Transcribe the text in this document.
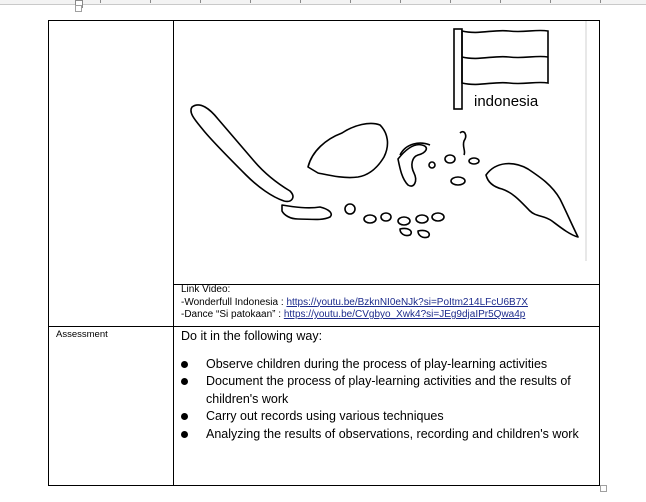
Assessment
indonesia
Link Video:
-Wonderfull Indonesia : https://youtu.be/BzknNI0eNJk?si=PoItm214LFcU6B7X
-Dance “Si patokaan” : https://youtu.be/CVgbyo_Xwk4?si=JEg9djaIPr5Qwa4p
Do it in the following way:
Observe children during the process of play-learning activities
Document the process of play-learning activities and the results of children's work
Carry out records using various techniques
Analyzing the results of observations, recording and children's work
